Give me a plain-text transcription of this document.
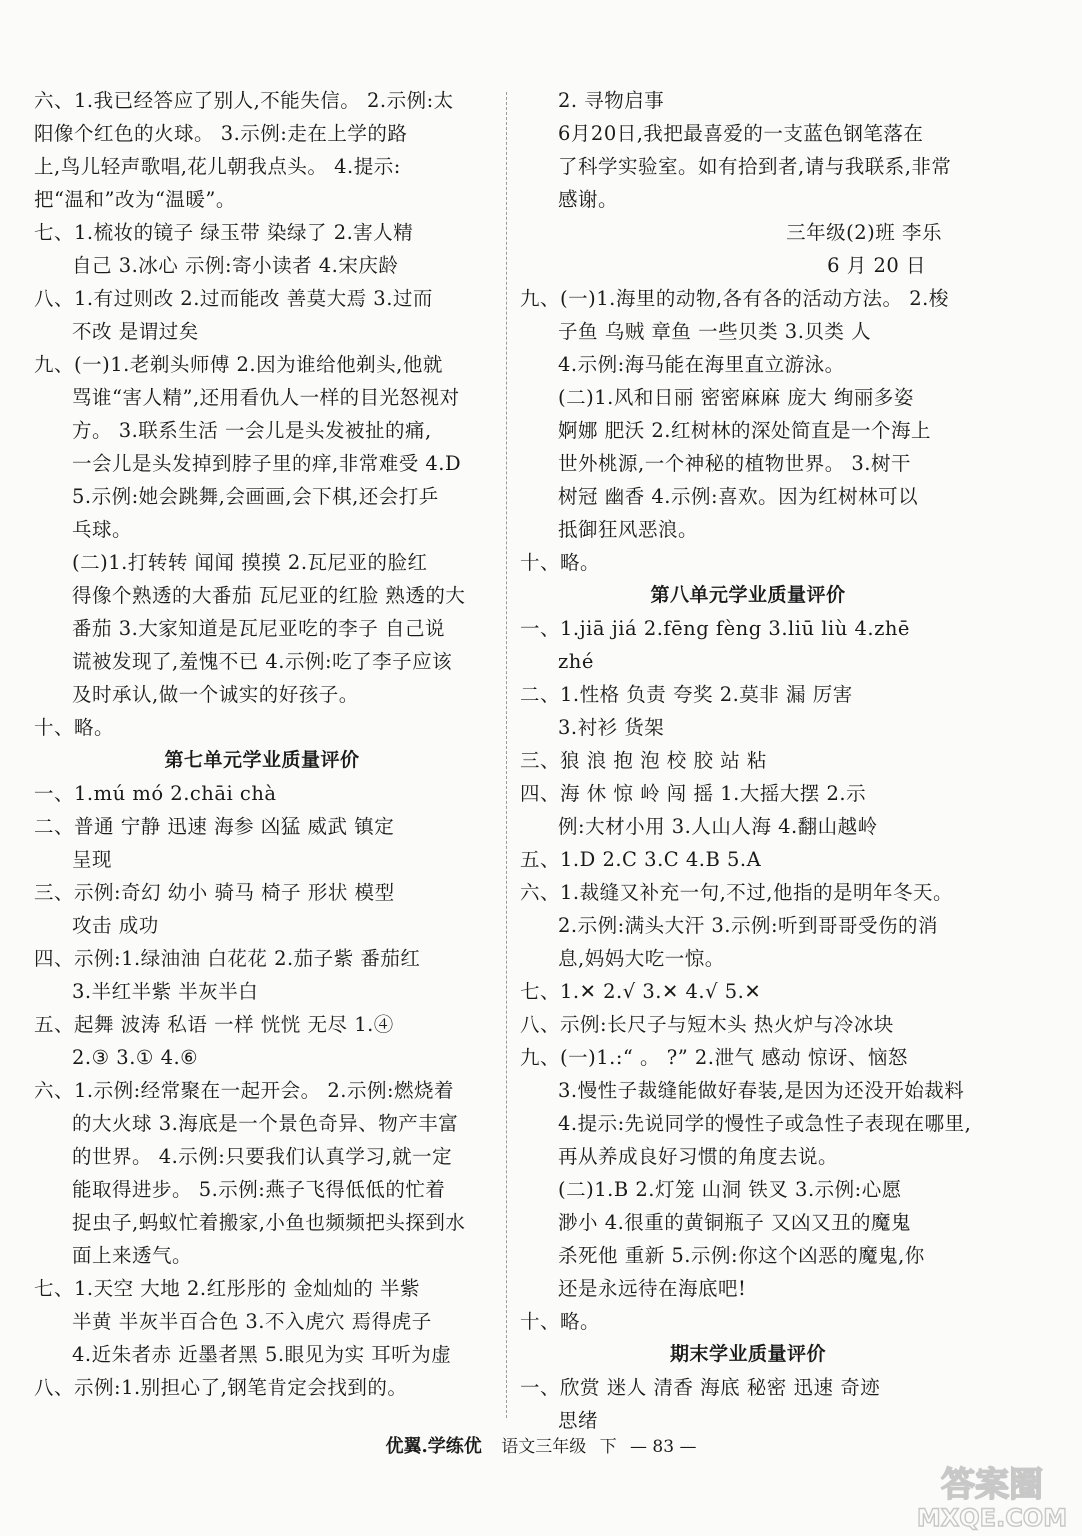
六、1.我已经答应了别人,不能失信。 2.示例:太
阳像个红色的火球。 3.示例:走在上学的路
上,鸟儿轻声歌唱,花儿朝我点头。 4.提示:
把“温和”改为“温暖”。
七、1.梳妆的镜子 绿玉带 染绿了 2.害人精
自己 3.冰心 示例:寄小读者 4.宋庆龄
八、1.有过则改 2.过而能改 善莫大焉 3.过而
不改 是谓过矣
九、(一)1.老剃头师傅 2.因为谁给他剃头,他就
骂谁“害人精”,还用看仇人一样的目光怒视对
方。 3.联系生活 一会儿是头发被扯的痛,
一会儿是头发掉到脖子里的痒,非常难受 4.D
5.示例:她会跳舞,会画画,会下棋,还会打乒
乓球。
(二)1.打转转 闻闻 摸摸 2.瓦尼亚的脸红
得像个熟透的大番茄 瓦尼亚的红脸 熟透的大
番茄 3.大家知道是瓦尼亚吃的李子 自己说
谎被发现了,羞愧不已 4.示例:吃了李子应该
及时承认,做一个诚实的好孩子。
十、略。
第七单元学业质量评价
一、1.mú mó 2.chāi chà
二、普通 宁静 迅速 海参 凶猛 威武 镇定
呈现
三、示例:奇幻 幼小 骑马 椅子 形状 模型
攻击 成功
四、示例:1.绿油油 白花花 2.茄子紫 番茄红
3.半红半紫 半灰半白
五、起舞 波涛 私语 一样 恍恍 无尽 1.④
2.③ 3.① 4.⑥
六、1.示例:经常聚在一起开会。 2.示例:燃烧着
的大火球 3.海底是一个景色奇异、物产丰富
的世界。 4.示例:只要我们认真学习,就一定
能取得进步。 5.示例:燕子飞得低低的忙着
捉虫子,蚂蚁忙着搬家,小鱼也频频把头探到水
面上来透气。
七、1.天空 大地 2.红彤彤的 金灿灿的 半紫
半黄 半灰半百合色 3.不入虎穴 焉得虎子
4.近朱者赤 近墨者黑 5.眼见为实 耳听为虚
八、示例:1.别担心了,钢笔肯定会找到的。
2. 寻物启事
6月20日,我把最喜爱的一支蓝色钢笔落在
了科学实验室。如有拾到者,请与我联系,非常
感谢。
三年级(2)班 李乐
6 月 20 日
九、(一)1.海里的动物,各有各的活动方法。 2.梭
子鱼 乌贼 章鱼 一些贝类 3.贝类 人
4.示例:海马能在海里直立游泳。
(二)1.风和日丽 密密麻麻 庞大 绚丽多姿
婀娜 肥沃 2.红树林的深处简直是一个海上
世外桃源,一个神秘的植物世界。 3.树干
树冠 幽香 4.示例:喜欢。因为红树林可以
抵御狂风恶浪。
十、略。
第八单元学业质量评价
一、1.jiā jiá 2.fēng fèng 3.liū liù 4.zhē
zhé
二、1.性格 负责 夸奖 2.莫非 漏 厉害
3.衬衫 货架
三、狼 浪 抱 泡 校 胶 站 粘
四、海 休 惊 岭 闯 摇 1.大摇大摆 2.示
例:大材小用 3.人山人海 4.翻山越岭
五、1.D 2.C 3.C 4.B 5.A
六、1.裁缝又补充一句,不过,他指的是明年冬天。
2.示例:满头大汗 3.示例:听到哥哥受伤的消
息,妈妈大吃一惊。
七、1.✕ 2.√ 3.✕ 4.√ 5.✕
八、示例:长尺子与短木头 热火炉与冷冰块
九、(一)1.:“ 。 ?” 2.泄气 感动 惊讶、恼怒
3.慢性子裁缝能做好春装,是因为还没开始裁料
4.提示:先说同学的慢性子或急性子表现在哪里,
再从养成良好习惯的角度去说。
(二)1.B 2.灯笼 山洞 铁叉 3.示例:心愿
渺小 4.很重的黄铜瓶子 又凶又丑的魔鬼
杀死他 重新 5.示例:你这个凶恶的魔鬼,你
还是永远待在海底吧!
十、略。
期末学业质量评价
一、欣赏 迷人 清香 海底 秘密 迅速 奇迹
思绪
优翼.学练优 语文三年级 下 — 83 —
答案圈
MXQE.COM
